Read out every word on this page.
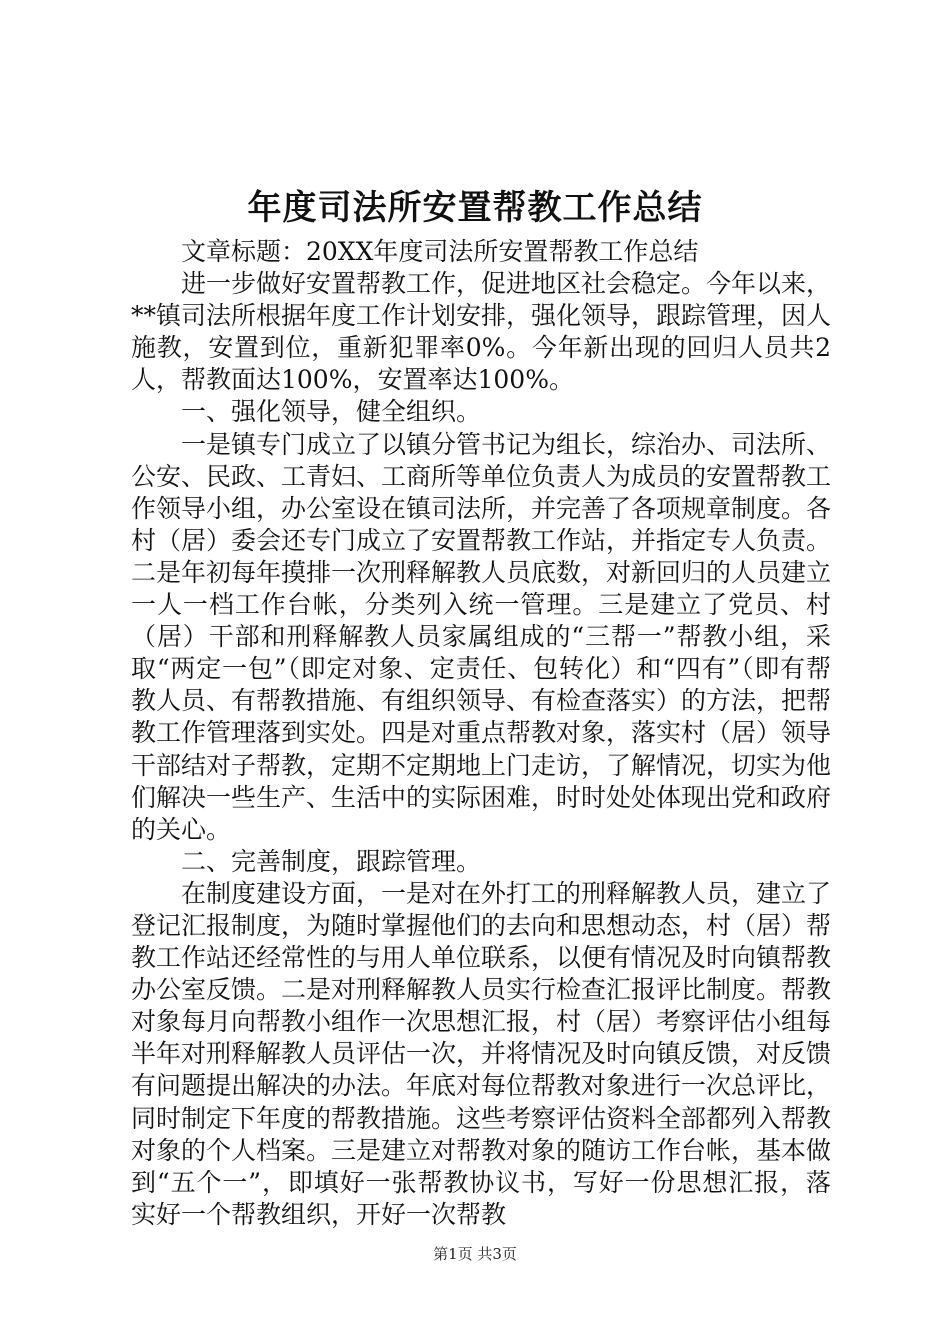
年度司法所安置帮教工作总结

文章标题：20XX年度司法所安置帮教工作总结

进一步做好安置帮教工作，促进地区社会稳定。今年以来，**镇司法所根据年度工作计划安排，强化领导，跟踪管理，因人施教，安置到位，重新犯罪率0%。今年新出现的回归人员共2人，帮教面达100%，安置率达100%。

一、强化领导，健全组织。

一是镇专门成立了以镇分管书记为组长，综治办、司法所、公安、民政、工青妇、工商所等单位负责人为成员的安置帮教工作领导小组，办公室设在镇司法所，并完善了各项规章制度。各村（居）委会还专门成立了安置帮教工作站，并指定专人负责。二是年初每年摸排一次刑释解教人员底数，对新回归的人员建立一人一档工作台帐，分类列入统一管理。三是建立了党员、村（居）干部和刑释解教人员家属组成的“三帮一”帮教小组，采取“两定一包”（即定对象、定责任、包转化）和“四有”（即有帮教人员、有帮教措施、有组织领导、有检查落实）的方法，把帮教工作管理落到实处。四是对重点帮教对象，落实村（居）领导干部结对子帮教，定期不定期地上门走访，了解情况，切实为他们解决一些生产、生活中的实际困难，时时处处体现出党和政府的关心。

二、完善制度，跟踪管理。

在制度建设方面，一是对在外打工的刑释解教人员，建立了登记汇报制度，为随时掌握他们的去向和思想动态，村（居）帮教工作站还经常性的与用人单位联系，以便有情况及时向镇帮教办公室反馈。二是对刑释解教人员实行检查汇报评比制度。帮教对象每月向帮教小组作一次思想汇报，村（居）考察评估小组每半年对刑释解教人员评估一次，并将情况及时向镇反馈，对反馈有问题提出解决的办法。年底对每位帮教对象进行一次总评比，同时制定下年度的帮教措施。这些考察评估资料全部都列入帮教对象的个人档案。三是建立对帮教对象的随访工作台帐，基本做到“五个一”，即填好一张帮教协议书，写好一份思想汇报，落实好一个帮教组织，开好一次帮教

第1页 共3页
